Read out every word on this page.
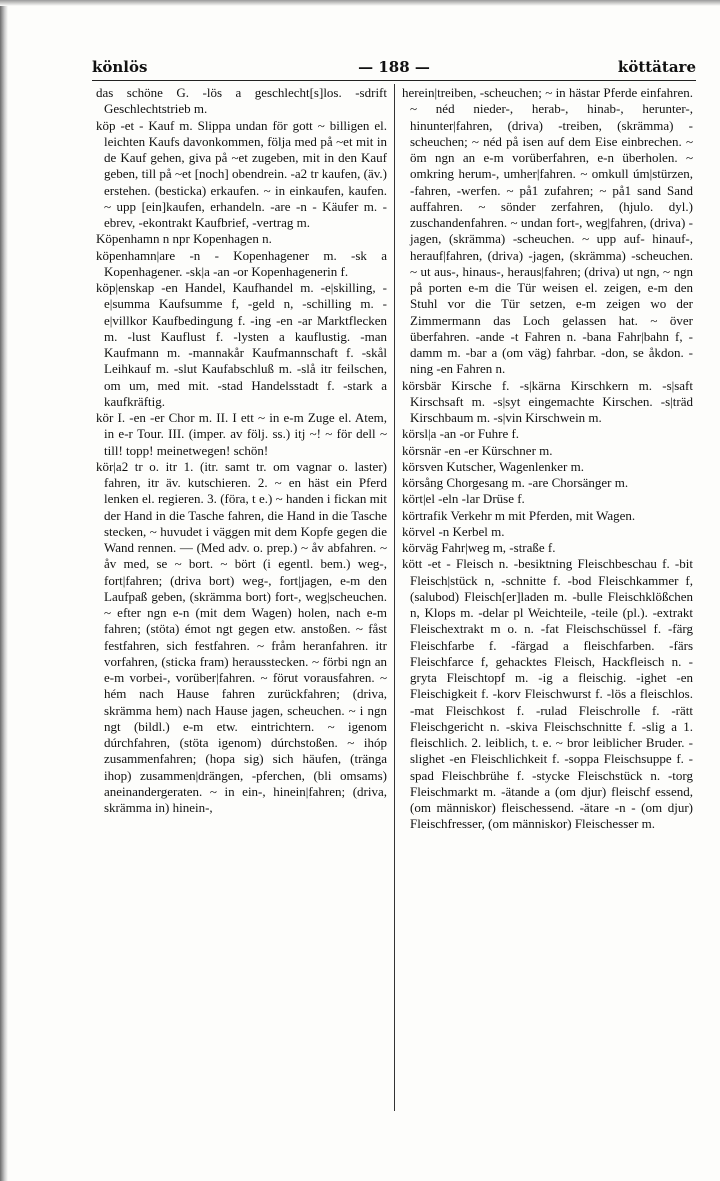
könlös	— 188 —	köttätare

das schöne G. -lös a geschlecht[s]los. -sdrift Geschlechtstrieb m.

köp -et - Kauf m. Slippa undan för gott ~ billigen el. leichten Kaufs davonkommen, följa med på ~et mit in de Kauf gehen, giva på ~et zugeben, mit in den Kauf geben, till på ~et [noch] obendrein. -a2 tr kaufen, (äv.) erstehen. (besticka) erkaufen. ~ in einkaufen, kaufen. ~ upp [ein]kaufen, erhandeln. -are -n - Käufer m. -ebrev, -ekontrakt Kaufbrief, -vertrag m.

Köpenhamn n npr Kopenhagen n.

köpenhamn|are -n - Kopenhagener m. -sk a Kopenhagener. -sk|a -an -or Kopenhagenerin f.

köp|enskap -en Handel, Kaufhandel m. -e|skilling, -e|summa Kaufsumme f, -geld n, -schilling m. -e|villkor Kaufbedingung f. -ing -en -ar Marktflecken m. -lust Kauflust f. -lysten a kauflustig. -man Kaufmann m. -mannakår Kaufmannschaft f. -skål Leihkauf m. -slut Kaufabschluß m. -slå itr feilschen, om um, med mit. -stad Handelsstadt f. -stark a kaufkräftig.

kör I. -en -er Chor m. II. I ett ~ in e-m Zuge el. Atem, in e-r Tour. III. (imper. av följ. ss.) itj ~! ~ för dell ~ till! topp! meinetwegen! schön!

kör|a2 tr o. itr 1. (itr. samt tr. om vagnar o. laster) fahren, itr äv. kutschieren. 2. ~ en häst ein Pferd lenken el. regieren. 3. (föra, t e.) ~ handen i fickan mit der Hand in die Tasche fahren, die Hand in die Tasche stecken, ~ huvudet i väggen mit dem Kopfe gegen die Wand rennen. — (Med adv. o. prep.) ~ åv abfahren. ~ åv med, se ~ bort. ~ bört (i egentl. bem.) weg-, fort|fahren; (driva bort) weg-, fort|jagen, e-m den Laufpaß geben, (skrämma bort) fort-, weg|scheuchen. ~ efter ngn e-n (mit dem Wagen) holen, nach e-m fahren; (stöta) émot ngt gegen etw. anstoßen. ~ fåst festfahren, sich festfahren. ~ fråm heranfahren. itr vorfahren, (sticka fram) herausstecken. ~ förbi ngn an e-m vorbei-, vorüber|fahren. ~ förut vorausfahren. ~ hém nach Hause fahren zurückfahren; (driva, skrämma hem) nach Hause jagen, scheuchen. ~ i ngn ngt (bildl.) e-m etw. eintrichtern. ~ igenom dúrchfahren, (stöta igenom) dúrchstoßen. ~ ihóp zusammenfahren; (hopa sig) sich häufen, (tränga ihop) zusammen|drängen, -pferchen, (bli omsams) aneinandergeraten. ~ in ein-, hinein|fahren; (driva, skrämma in) hinein-,

herein|treiben, -scheuchen; ~ in hästar Pferde einfahren. ~ néd nieder-, herab-, hinab-, herunter-, hinunter|fahren, (driva) -treiben, (skrämma) -scheuchen; ~ néd på isen auf dem Eise einbrechen. ~ öm ngn an e-m vorüberfahren, e-n überholen. ~ omkring herum-, umher|fahren. ~ omkull úm|stürzen, -fahren, -werfen. ~ på1 zufahren; ~ på1 sand Sand auffahren. ~ sönder zerfahren, (hjulo. dyl.) zuschandenfahren. ~ undan fort-, weg|fahren, (driva) -jagen, (skrämma) -scheuchen. ~ upp auf- hinauf-, herauf|fahren, (driva) -jagen, (skrämma) -scheuchen. ~ ut aus-, hinaus-, heraus|fahren; (driva) ut ngn, ~ ngn på porten e-m die Tür weisen el. zeigen, e-m den Stuhl vor die Tür setzen, e-m zeigen wo der Zimmermann das Loch gelassen hat. ~ över überfahren. -ande -t Fahren n. -bana Fahr|bahn f, -damm m. -bar a (om väg) fahrbar. -don, se åkdon. -ning -en Fahren n.

körsbär Kirsche f. -s|kärna Kirschkern m. -s|saft Kirschsaft m. -s|syt eingemachte Kirschen. -s|träd Kirschbaum m. -s|vin Kirschwein m.

körsl|a -an -or Fuhre f.

körsnär -en -er Kürschner m.

körsven Kutscher, Wagenlenker m.

körsång Chorgesang m. -are Chorsänger m.

kört|el -eln -lar Drüse f.

körtrafik Verkehr m mit Pferden, mit Wagen.

körvel -n Kerbel m.

körväg Fahr|weg m, -straße f.

kött -et - Fleisch n. -besiktning Fleischbeschau f. -bit Fleisch|stück n, -schnitte f. -bod Fleischkammer f, (salubod) Fleisch[er]laden m. -bulle Fleischklößchen n, Klops m. -delar pl Weichteile, -teile (pl.). -extrakt Fleischextrakt m o. n. -fat Fleischschüssel f. -färg Fleischfarbe f. -färgad a fleischfarben. -färs Fleischfarce f, gehacktes Fleisch, Hackfleisch n. -gryta Fleischtopf m. -ig a fleischig. -ighet -en Fleischigkeit f. -korv Fleischwurst f. -lös a fleischlos. -mat Fleischkost f. -rulad Fleischrolle f. -rätt Fleischgericht n. -skiva Fleischschnitte f. -slig a 1. fleischlich. 2. leiblich, t. e. ~ bror leiblicher Bruder. -slighet -en Fleischlichkeit f. -soppa Fleischsuppe f. -spad Fleischbrühe f. -stycke Fleischstück n. -torg Fleischmarkt m. -ätande a (om djur) fleischf essend, (om människor) fleischessend. -ätare -n - (om djur) Fleischfresser, (om människor) Fleischesser m.
